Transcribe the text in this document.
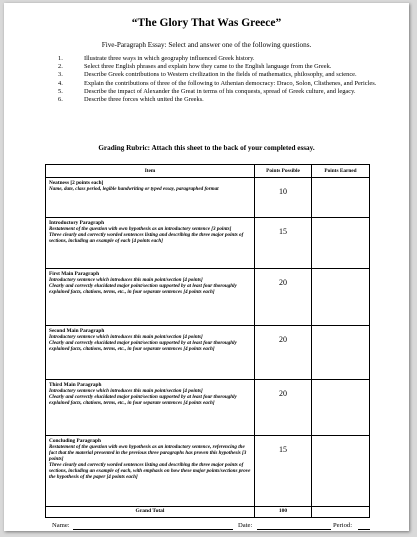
“The Glory That Was Greece”
Five-Paragraph Essay: Select and answer one of the following questions.
1.	Illustrate three ways in which geography influenced Greek history.
2.	Select three English phrases and explain how they came to the English language from the Greek.
3.	Describe Greek contributions to Western civilization in the fields of mathematics, philosophy, and science.
4.	Explain the contributions of three of the following to Athenian democracy: Draco, Solon, Clisthenes, and Pericles.
5.	Describe the impact of Alexander the Great in terms of his conquests, spread of Greek culture, and legacy.
6.	Describe three forces which united the Greeks.
Grading Rubric: Attach this sheet to the back of your completed essay.
Item	Points Possible	Points Earned
Neatness [2 points each]
Name, date, class period, legible handwriting or typed essay, paragraphed format	10
Introductory Paragraph
Restatement of the question with own hypothesis as an introductory sentence [3 points]
Three clearly and correctly worded sentences listing and describing the three major points of sections, including an example of each [4 points each]
15
First Main Paragraph
Introductory sentence which introduces this main point/section [4 points]
Clearly and correctly elucidated major point/section supported by at least four thoroughly explained facts, citations, terms, etc., in four separate sentences [4 points each]
20
Second Main Paragraph
Introductory sentence which introduces this main point/section [4 points]
Clearly and correctly elucidated major point/section supported by at least four thoroughly explained facts, citations, terms, etc., in four separate sentences [4 points each]
20
Third Main Paragraph
Introductory sentence which introduces this main point/section [4 points]
Clearly and correctly elucidated major point/section supported by at least four thoroughly explained facts, citations, terms, etc., in four separate sentences [4 points each]
20
Concluding Paragraph
Restatement of the question with own hypothesis as an introductory sentence, referencing the fact that the material presented in the previous three paragraphs has proven this hypothesis [3 points]
Three clearly and correctly worded sentences listing and describing the three major points of sections, including an example of each, with emphasis on how these major points/sections prove the hypothesis of the paper [4 points each]
15
Grand Total	100
Name:	Date:	Period:
